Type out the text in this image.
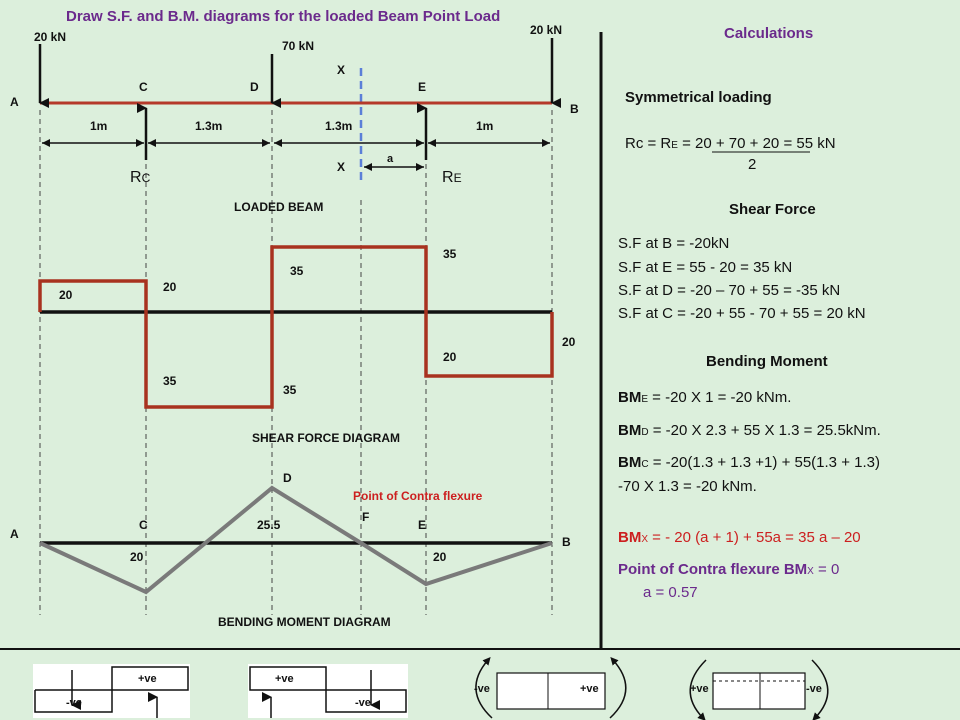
Draw S.F. and B.M. diagrams for the loaded Beam Point Load
20 kN
70 kN
20 kN
A	B
C	D	E
X
X
1m	1.3m	1.3m	1m
a
RC	RE
LOADED BEAM
20
20
35
35
35
35
20
20
SHEAR FORCE DIAGRAM
A
B
C
D
E
F
20
25.5
20
Point of Contra flexure
BENDING MOMENT DIAGRAM
Calculations
Symmetrical loading
Rc = RE = 20 + 70 + 20 = 55 kN
2
Shear Force
S.F at B = -20kN
S.F at E = 55 - 20 = 35 kN
S.F at D = -20 – 70 + 55 = -35 kN
S.F at C = -20 + 55 - 70 + 55 = 20 kN
Bending Moment
BME = -20 X 1 = -20 kNm.
BMD = -20 X 2.3 + 55 X 1.3 = 25.5kNm.
BMC = -20(1.3 + 1.3 +1) + 55(1.3 + 1.3)
-70 X 1.3 = -20 kNm.
BMX = - 20 (a + 1) + 55a = 35 a – 20
Point of Contra flexure BMX = 0
a = 0.57
+ve
-ve
+ve
-ve
-ve	+ve	+ve	-ve
